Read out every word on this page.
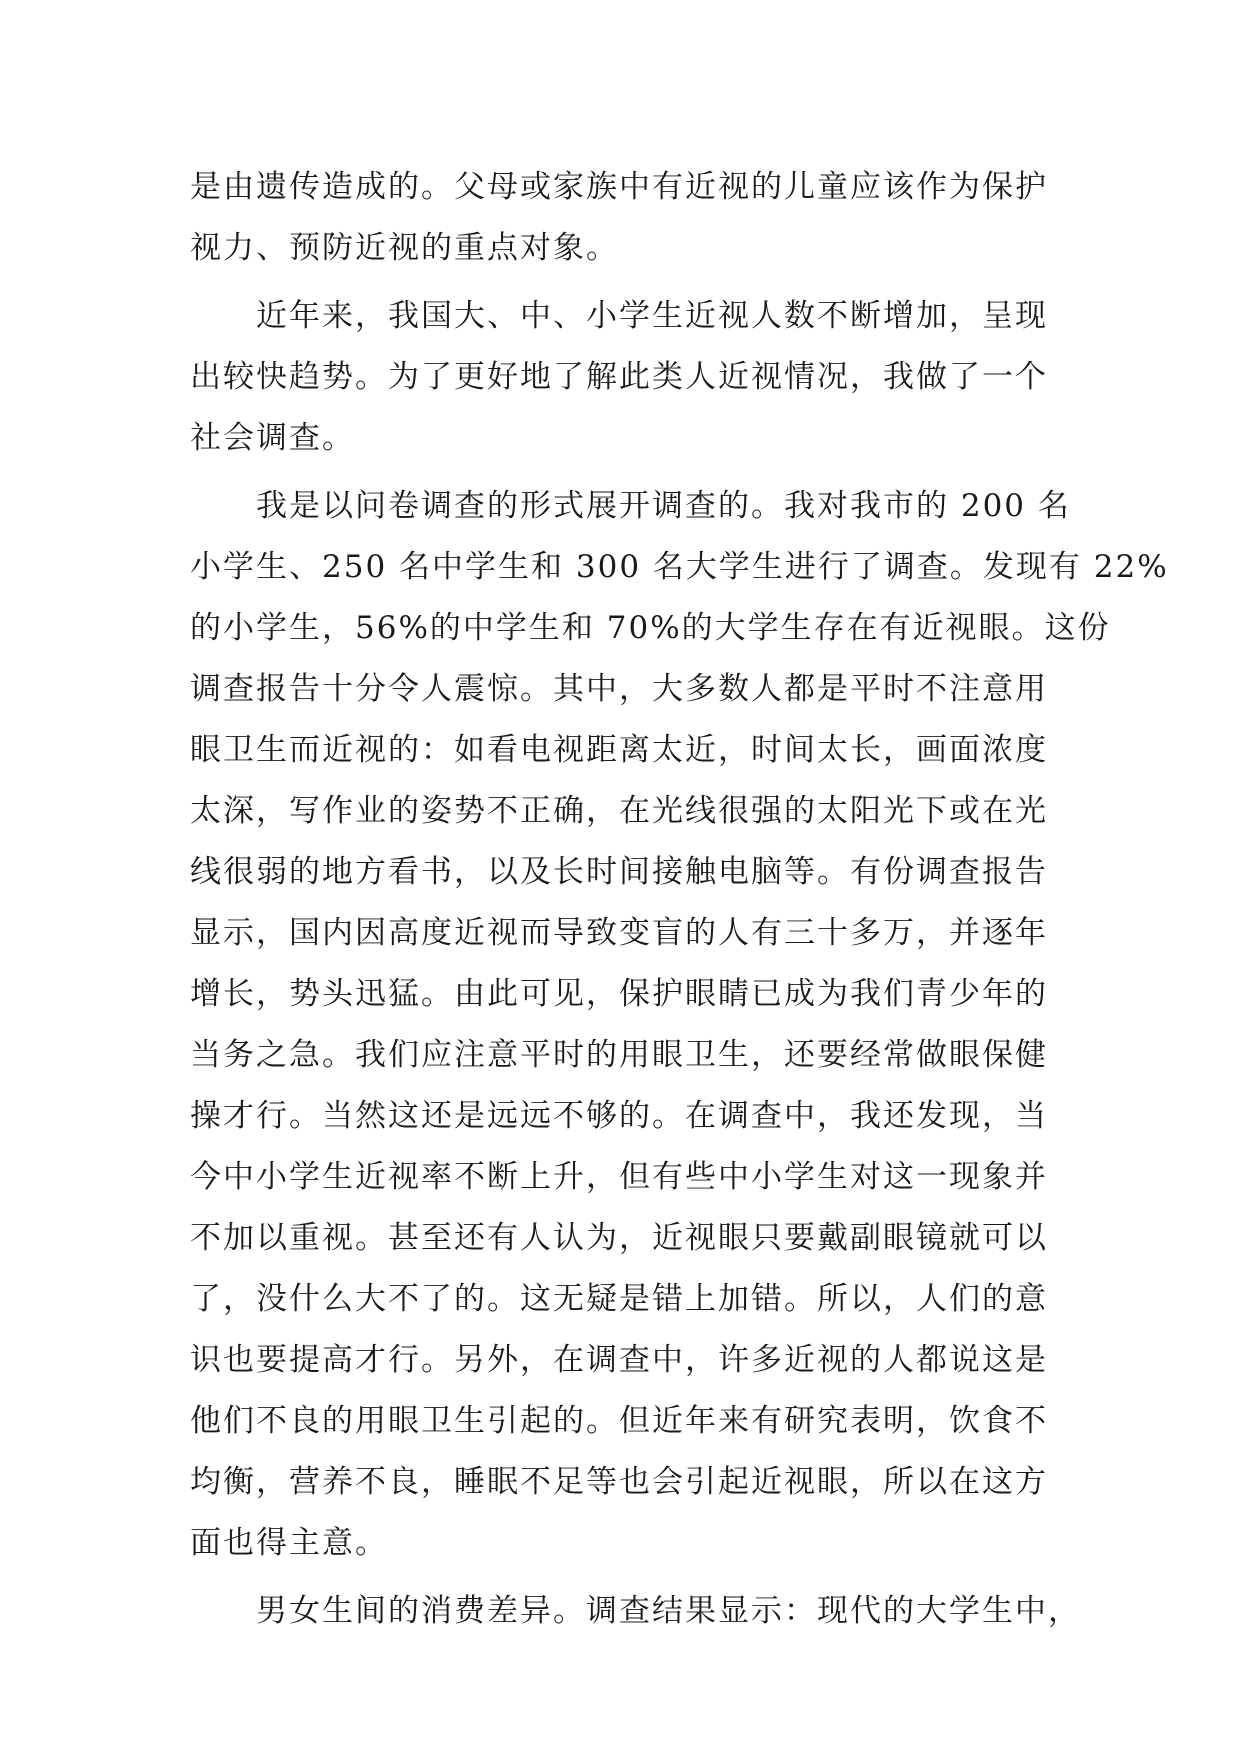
是由遗传造成的。父母或家族中有近视的儿童应该作为保护
视力、预防近视的重点对象。
近年来，我国大、中、小学生近视人数不断增加，呈现
出较快趋势。为了更好地了解此类人近视情况，我做了一个
社会调查。
我是以问卷调查的形式展开调查的。我对我市的 200 名
小学生、250 名中学生和 300 名大学生进行了调查。发现有 22%
的小学生，56%的中学生和 70%的大学生存在有近视眼。这份
调查报告十分令人震惊。其中，大多数人都是平时不注意用
眼卫生而近视的：如看电视距离太近，时间太长，画面浓度
太深，写作业的姿势不正确，在光线很强的太阳光下或在光
线很弱的地方看书，以及长时间接触电脑等。有份调查报告
显示，国内因高度近视而导致变盲的人有三十多万，并逐年
增长，势头迅猛。由此可见，保护眼睛已成为我们青少年的
当务之急。我们应注意平时的用眼卫生，还要经常做眼保健
操才行。当然这还是远远不够的。在调查中，我还发现，当
今中小学生近视率不断上升，但有些中小学生对这一现象并
不加以重视。甚至还有人认为，近视眼只要戴副眼镜就可以
了，没什么大不了的。这无疑是错上加错。所以，人们的意
识也要提高才行。另外，在调查中，许多近视的人都说这是
他们不良的用眼卫生引起的。但近年来有研究表明，饮食不
均衡，营养不良，睡眠不足等也会引起近视眼，所以在这方
面也得主意。
男女生间的消费差异。调查结果显示：现代的大学生中，
